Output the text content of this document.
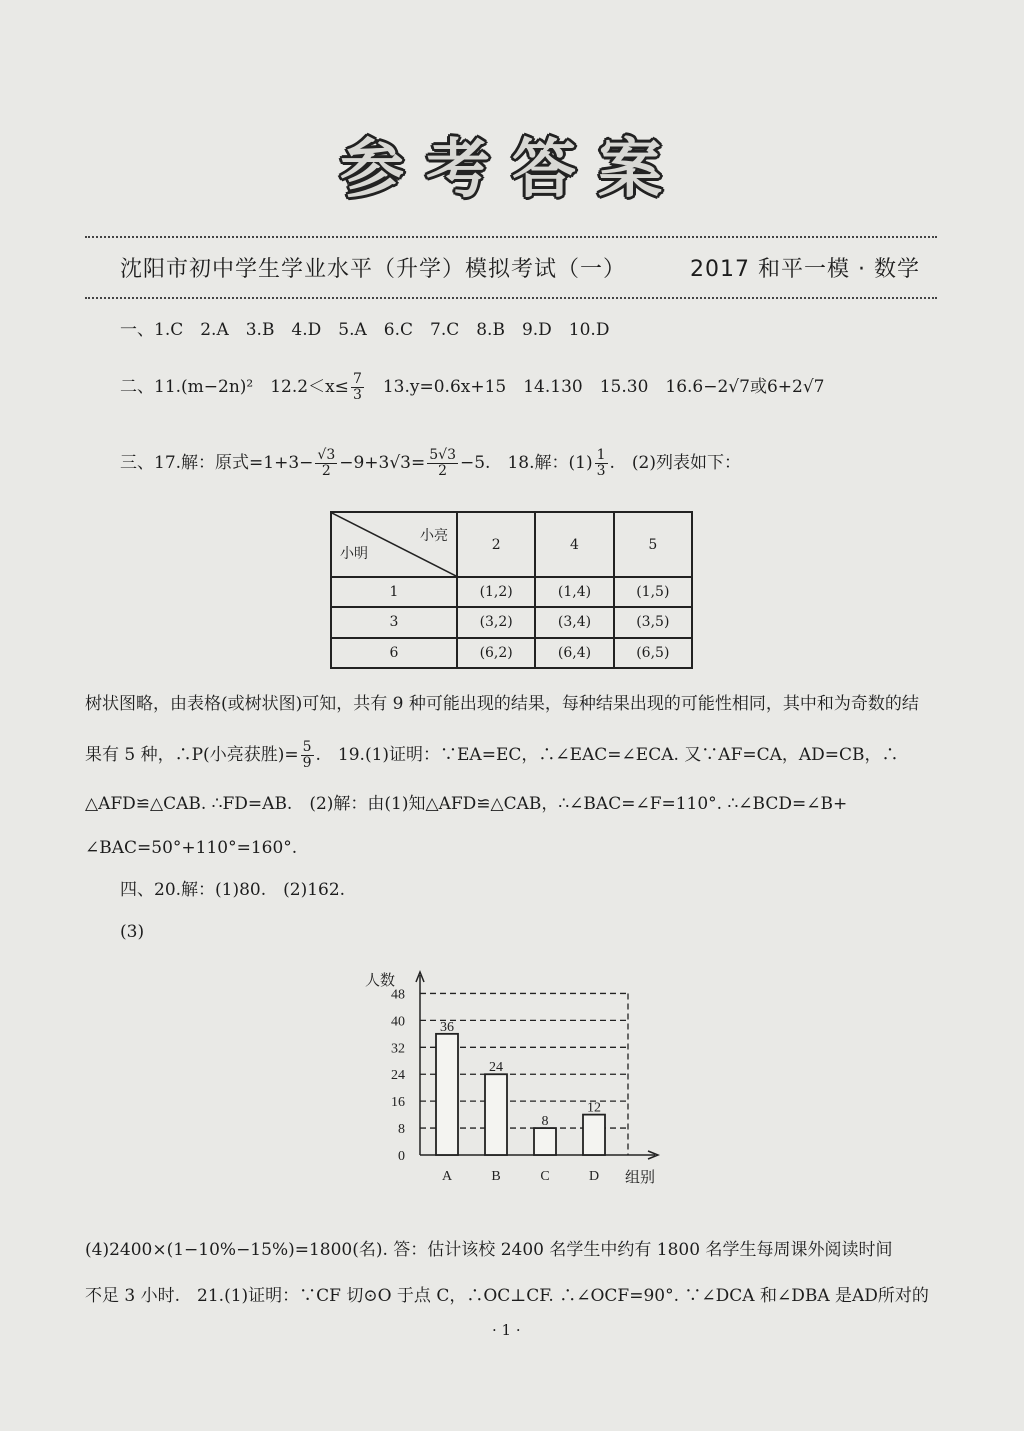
参考答案
沈阳市初中学生学业水平（升学）模拟考试（一）	2017 和平一模 · 数学
一、1.C　2.A　3.B　4.D　5.A　6.C　7.C　8.B　9.D　10.D
二、11.(m−2n)²　$12.2<x\le \frac{7}{3}$ 　13.y=0.6x+15　14.130　15.30　16.6−2√7或6+2√7
三、17.解：原式$=1+3- \frac{√3}{2} -9+3√3= \frac{5√3}{2} -5$.　18.解：$(1) \frac{1}{3}$ .　(2)列表如下：
小亮
小明	2	4	5
1	(1,2)	(1,4)	(1,5)
3	(3,2)	(3,4)	(3,5)
6	(6,2)	(6,4)	(6,5)
树状图略，由表格(或树状图)可知，共有 9 种可能出现的结果，每种结果出现的可能性相同，其中和为奇数的结
果有 5 种，∴P(小亮获胜)= $\frac{5}{9}$ .　19.(1)证明：∵EA=EC，∴∠EAC=∠ECA. 又∵AF=CA，AD=CB，∴
△AFD≌△CAB. ∴FD=AB.　(2)解：由(1)知△AFD≌△CAB，∴∠BAC=∠F=110°. ∴∠BCD=∠B+
∠BAC=50°+110°=160°.
四、20.解：(1)80.　(2)162.
(3)
0
8
16
24
32
40
48
人数
组别
36
A
24
B
8
C
12
D
(4)2400×(1−10%−15%)=1800(名). 答：估计该校 2400 名学生中约有 1800 名学生每周课外阅读时间
不足 3 小时.　21.(1)证明：∵CF 切⊙O 于点 C，∴OC⊥CF. ∴∠OCF=90°. ∵∠DCA 和∠DBA 是AD所对的
· 1 ·
